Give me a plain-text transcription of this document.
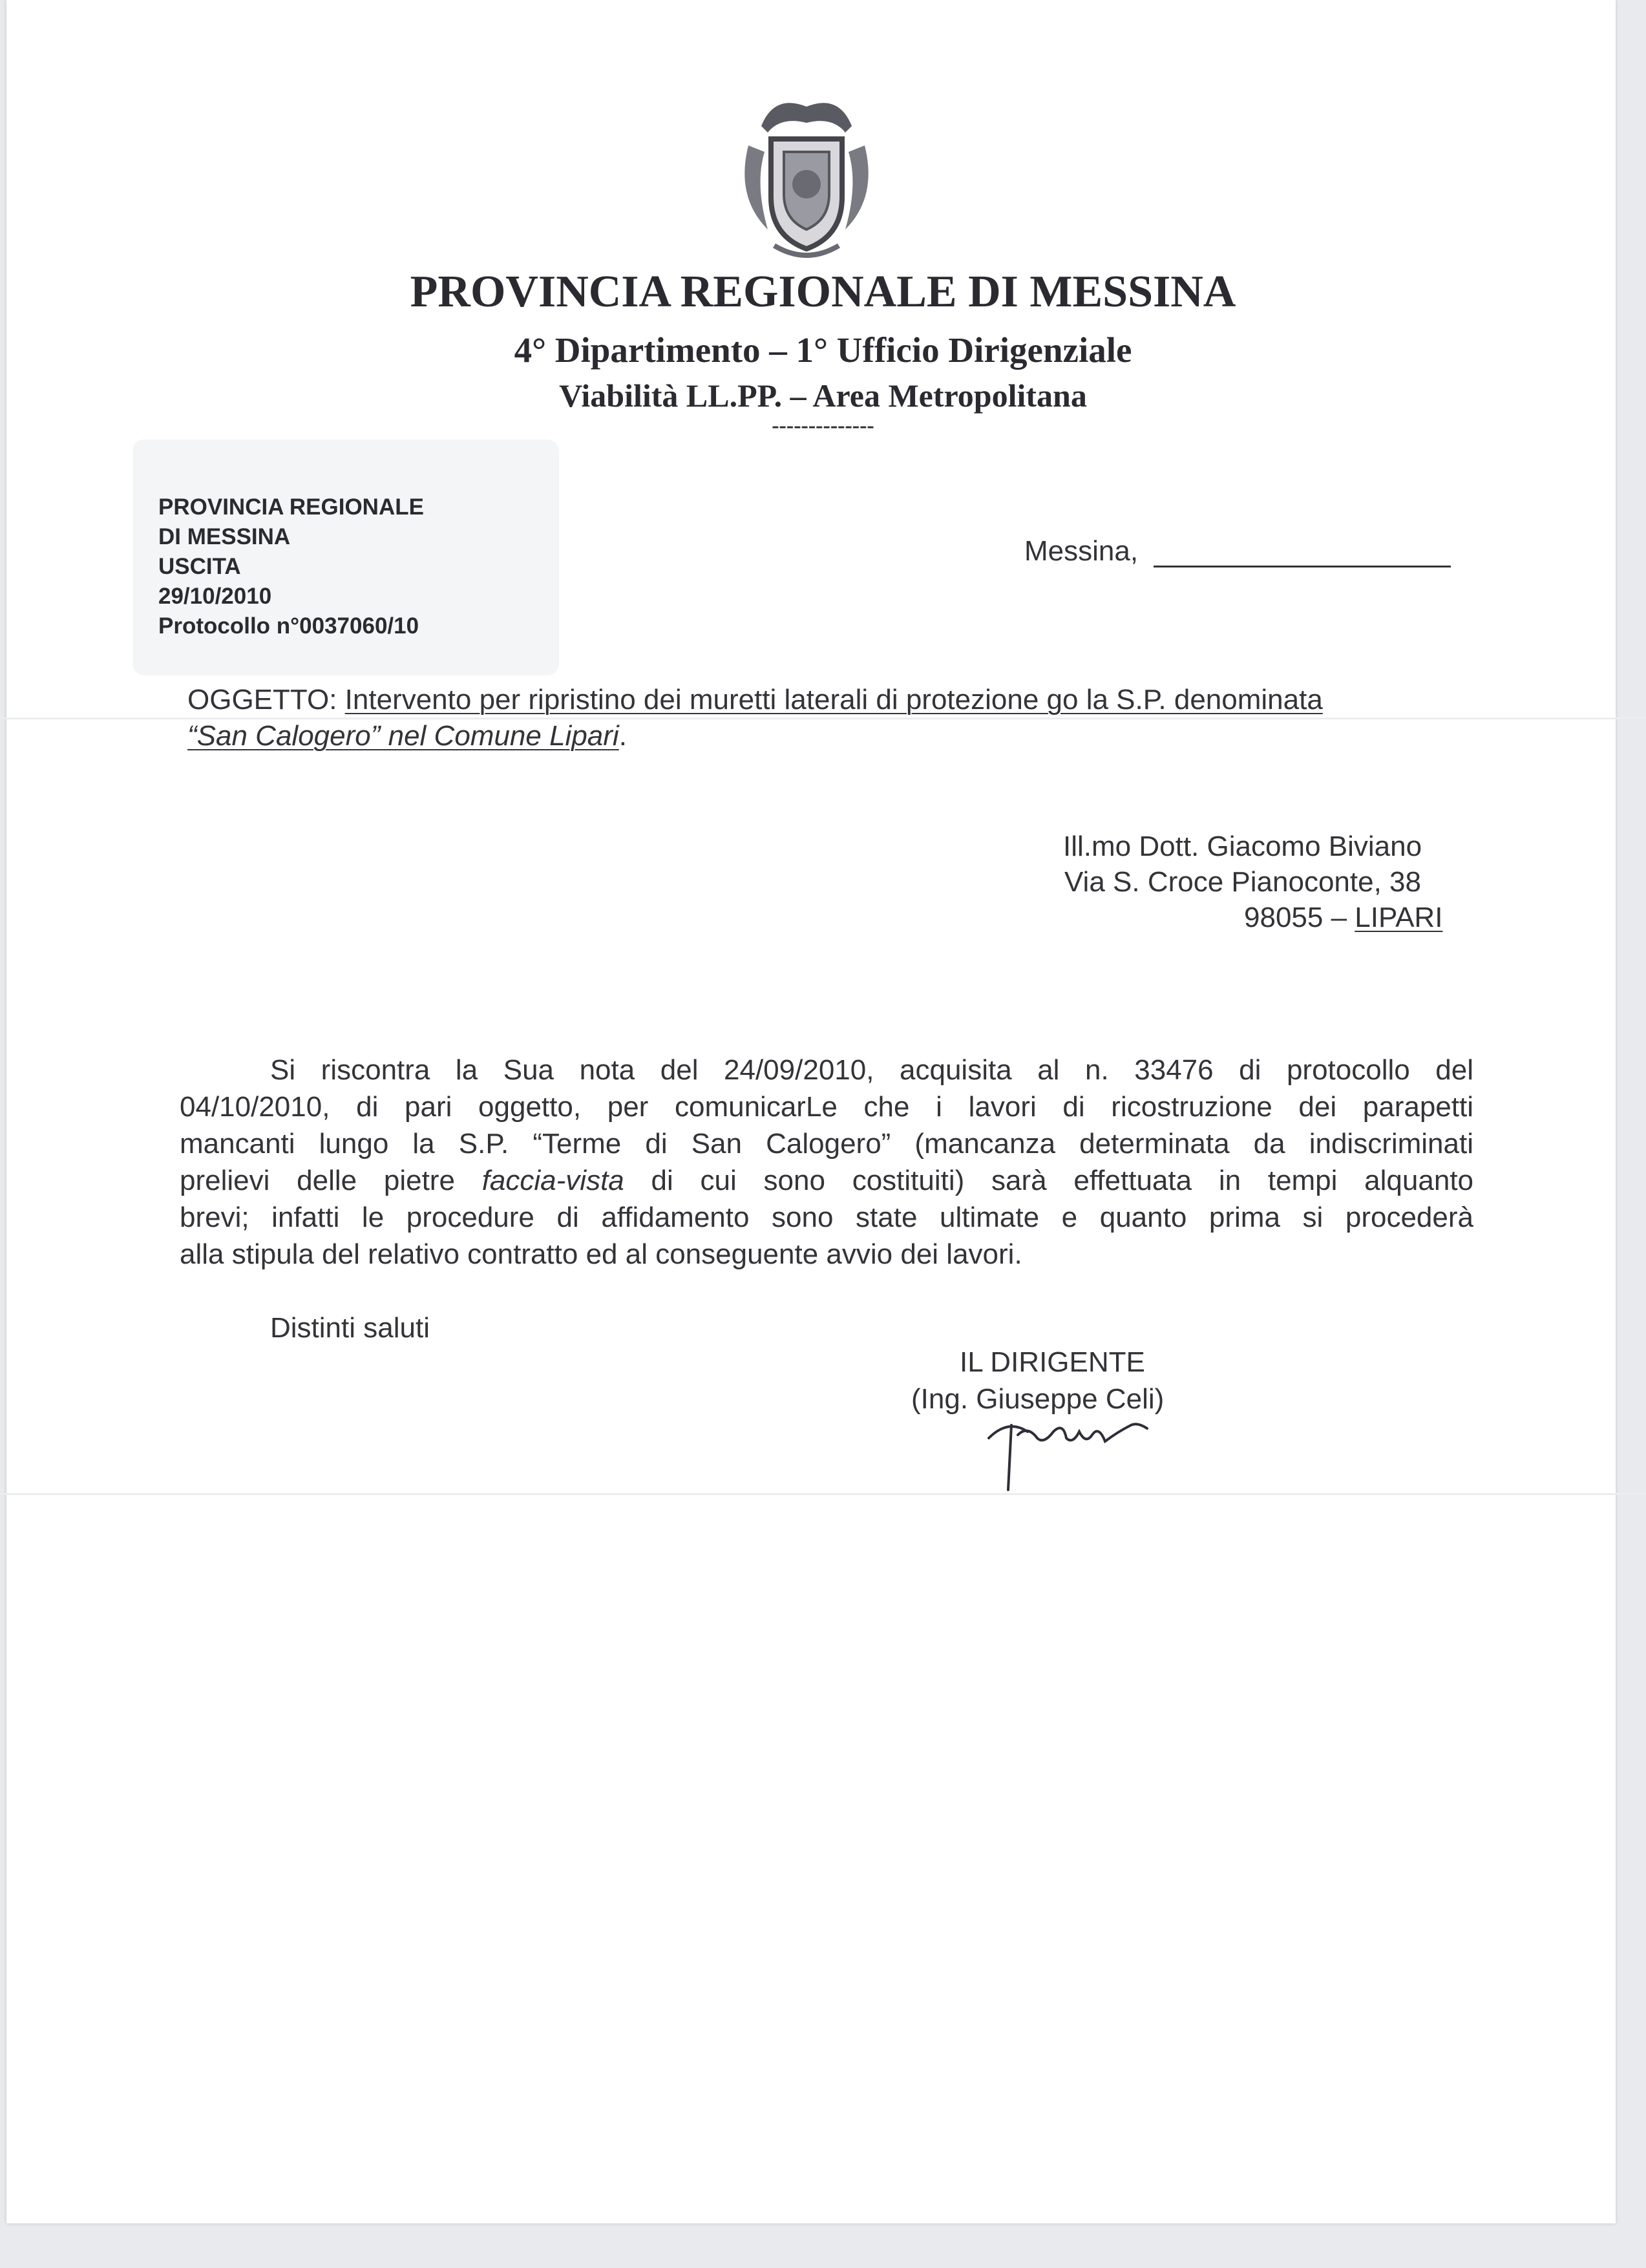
PROVINCIA REGIONALE DI MESSINA
4° Dipartimento – 1° Ufficio Dirigenziale
Viabilità LL.PP. – Area Metropolitana
--------------
PROVINCIA REGIONALE
DI MESSINA
USCITA
29/10/2010
Protocollo n°0037060/10
Messina,
OGGETTO: Intervento per ripristino dei muretti laterali di protezione go la S.P. denominata
“San Calogero” nel Comune Lipari.
Ill.mo Dott. Giacomo Biviano
Via S. Croce Pianoconte, 38
98055 – LIPARI

Si riscontra la Sua nota del 24/09/2010, acquisita al n. 33476 di protocollo del

04/10/2010, di pari oggetto, per comunicarLe che i lavori di ricostruzione dei parapetti

mancanti lungo la S.P. “Terme di San Calogero” (mancanza determinata da indiscriminati

prelievi delle pietre faccia-vista di cui sono costituiti) sarà effettuata in tempi alquanto

brevi; infatti le procedure di affidamento sono state ultimate e quanto prima si procederà

alla stipula del relativo contratto ed al conseguente avvio dei lavori.

Distinti saluti
IL DIRIGENTE
(Ing. Giuseppe Celi)
